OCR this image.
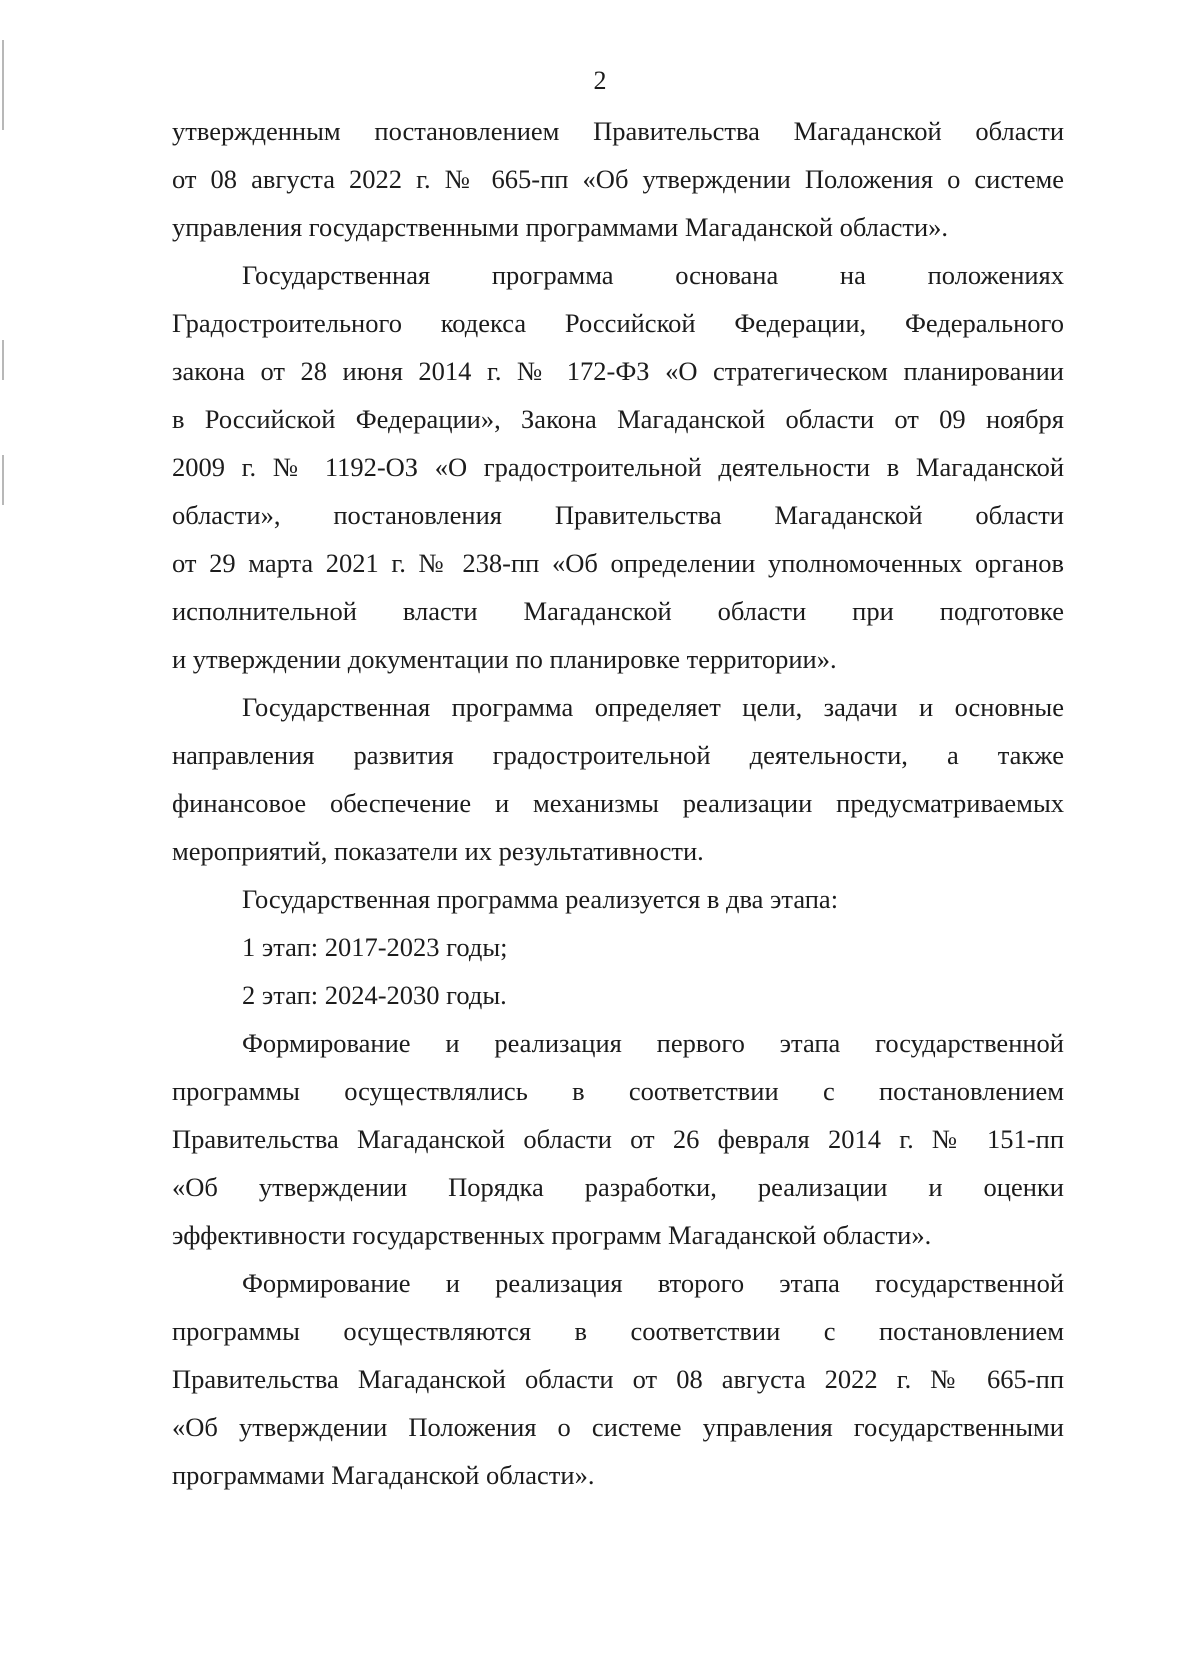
2
утвержденным постановлением Правительства Магаданской области
от 08 августа 2022 г. № 665-пп «Об утверждении Положения о системе
управления государственными программами Магаданской области».
Государственная программа основана на положениях
Градостроительного кодекса Российской Федерации, Федерального
закона от 28 июня 2014 г. № 172-ФЗ «О стратегическом планировании
в Российской Федерации», Закона Магаданской области от 09 ноября
2009 г. № 1192-ОЗ «О градостроительной деятельности в Магаданской
области», постановления Правительства Магаданской области
от 29 марта 2021 г. № 238-пп «Об определении уполномоченных органов
исполнительной власти Магаданской области при подготовке
и утверждении документации по планировке территории».
Государственная программа определяет цели, задачи и основные
направления развития градостроительной деятельности, а также
финансовое обеспечение и механизмы реализации предусматриваемых
мероприятий, показатели их результативности.
Государственная программа реализуется в два этапа:
1 этап: 2017-2023 годы;
2 этап: 2024-2030 годы.
Формирование и реализация первого этапа государственной
программы осуществлялись в соответствии с постановлением
Правительства Магаданской области от 26 февраля 2014 г. № 151-пп
«Об утверждении Порядка разработки, реализации и оценки
эффективности государственных программ Магаданской области».
Формирование и реализация второго этапа государственной
программы осуществляются в соответствии с постановлением
Правительства Магаданской области от 08 августа 2022 г. № 665-пп
«Об утверждении Положения о системе управления государственными
программами Магаданской области».
